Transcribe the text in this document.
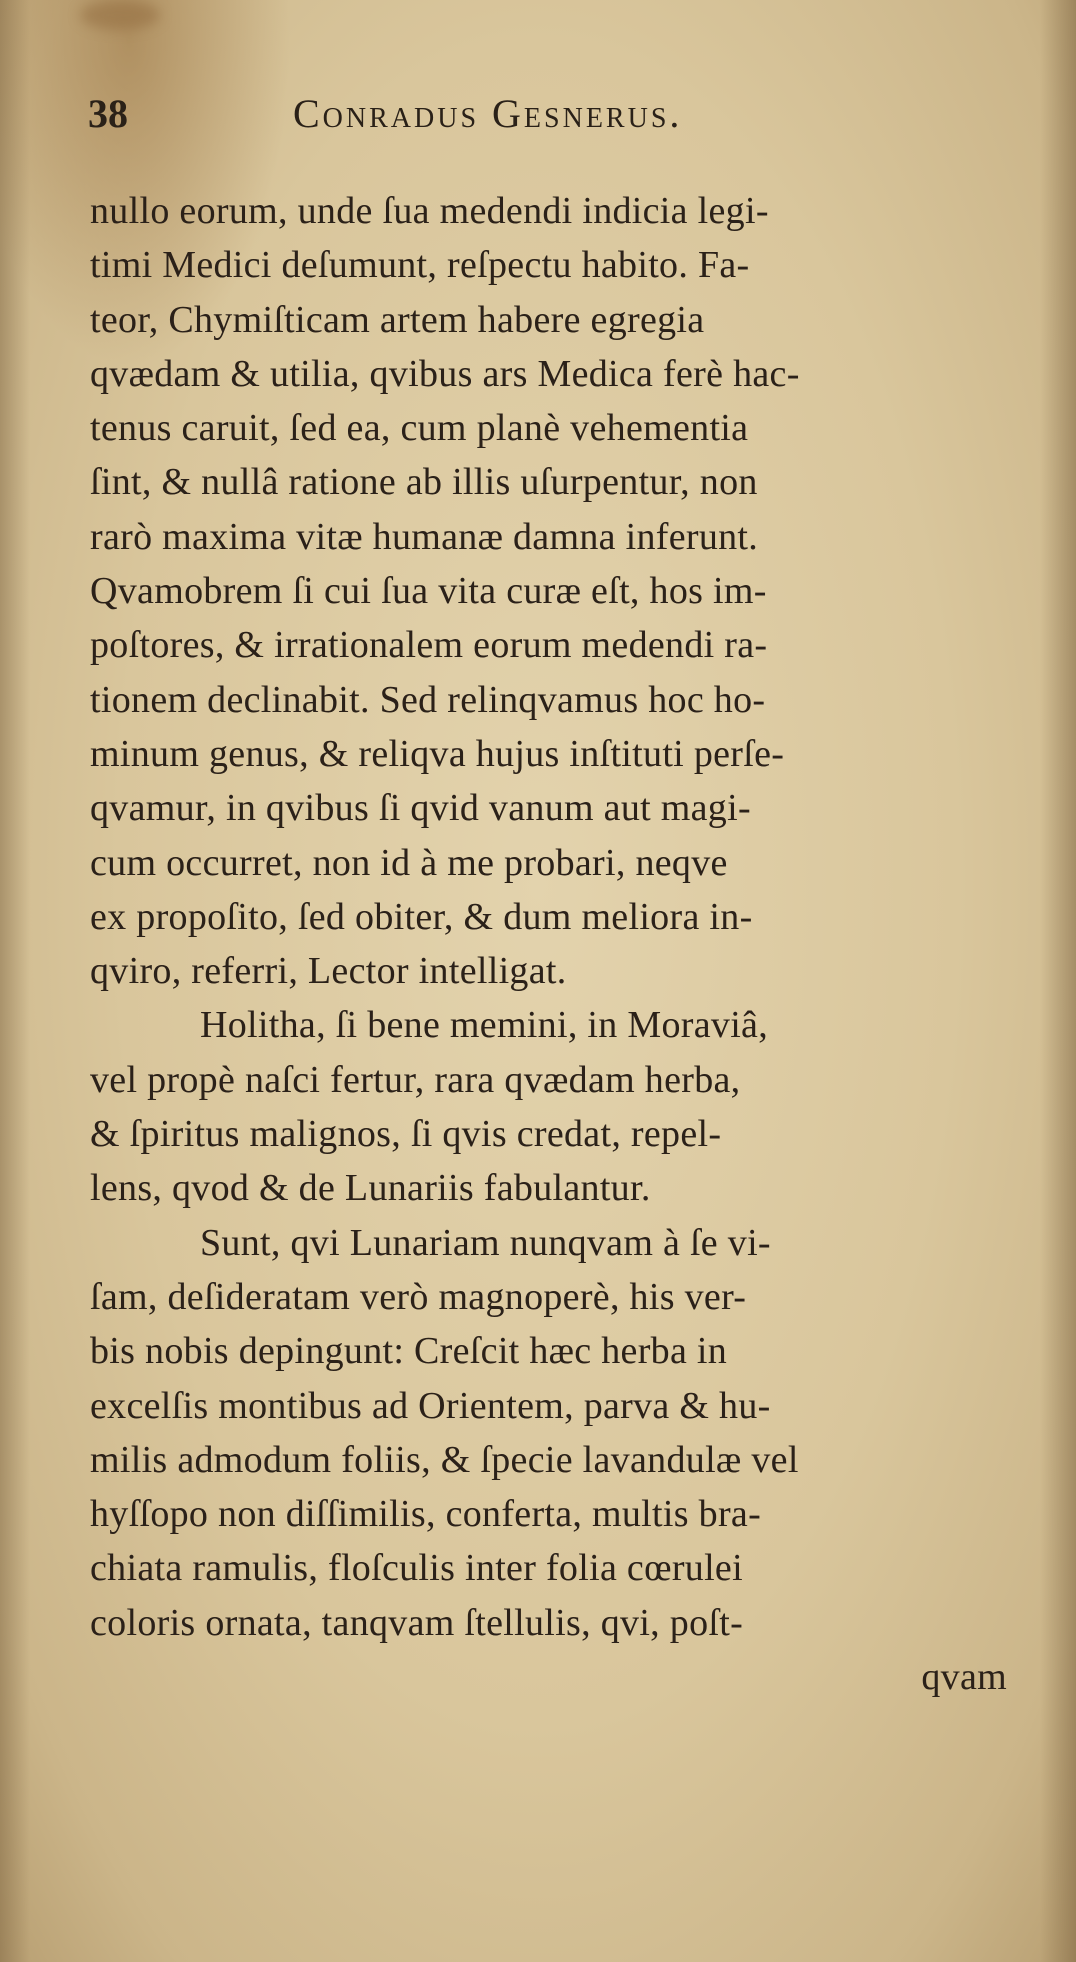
38	Conradus Gesnerus.
nullo eorum, unde ſua medendi indicia legi-
timi Medici deſumunt, reſpectu habito. Fa-
teor, Chymiſticam artem habere egregia
qvædam & utilia, qvibus ars Medica ferè hac-
tenus caruit, ſed ea, cum planè vehementia
ſint, & nullâ ratione ab illis uſurpentur, non
rarò maxima vitæ humanæ damna inferunt.
Qvamobrem ſi cui ſua vita curæ eſt, hos im-
poſtores, & irrationalem eorum medendi ra-
tionem declinabit. Sed relinqvamus hoc ho-
minum genus, & reliqva hujus inſtituti perſe-
qvamur, in qvibus ſi qvid vanum aut magi-
cum occurret, non id à me probari, neqve
ex propoſito, ſed obiter, & dum meliora in-
qviro, referri, Lector intelligat.
Holitha, ſi bene memini, in Moraviâ,
vel propè naſci fertur, rara qvædam herba,
& ſpiritus malignos, ſi qvis credat, repel-
lens, qvod & de Lunariis fabulantur.
Sunt, qvi Lunariam nunqvam à ſe vi-
ſam, deſideratam verò magnoperè, his ver-
bis nobis depingunt: Creſcit hæc herba in
excelſis montibus ad Orientem, parva & hu-
milis admodum foliis, & ſpecie lavandulæ vel
hyſſopo non diſſimilis, conferta, multis bra-
chiata ramulis, floſculis inter folia cœrulei
coloris ornata, tanqvam ſtellulis, qvi, poſt-
qvam
